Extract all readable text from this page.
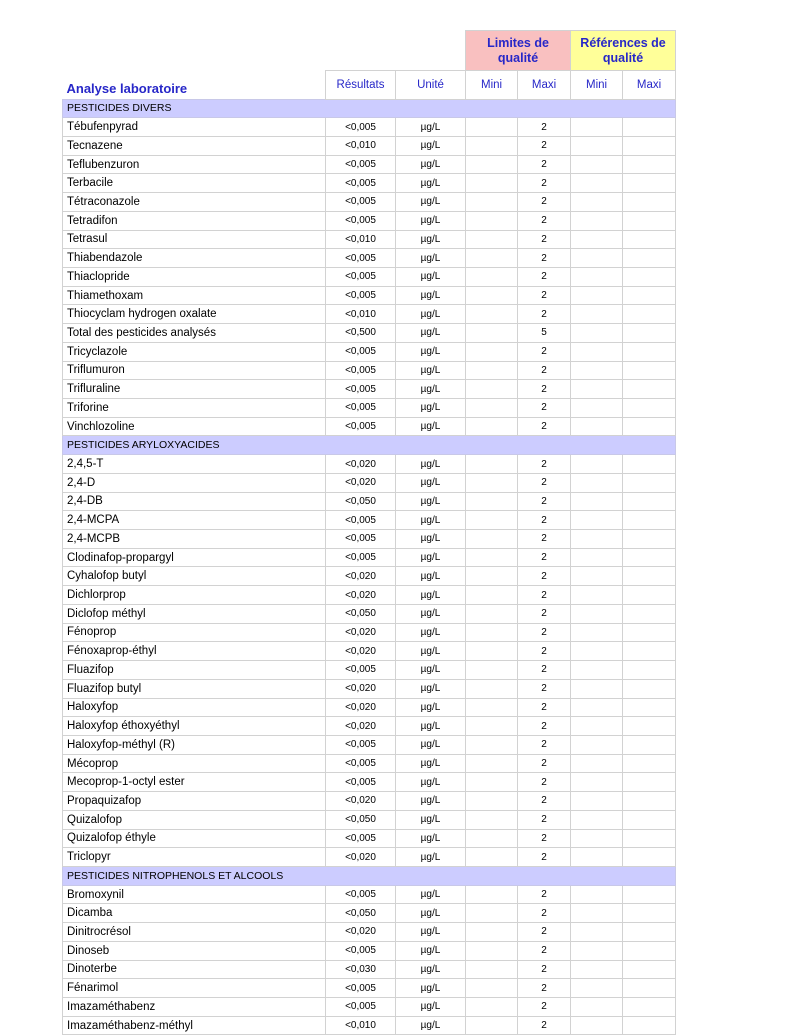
			Limites de qualité		Références de qualité	
Analyse laboratoire	Résultats	Unité	Mini	Maxi	Mini	Maxi
PESTICIDES DIVERS						
Tébufenpyrad	<0,005	µg/L		2		
Tecnazene	<0,010	µg/L		2		
Teflubenzuron	<0,005	µg/L		2		
Terbacile	<0,005	µg/L		2		
Tétraconazole	<0,005	µg/L		2		
Tetradifon	<0,005	µg/L		2		
Tetrasul	<0,010	µg/L		2		
Thiabendazole	<0,005	µg/L		2		
Thiaclopride	<0,005	µg/L		2		
Thiamethoxam	<0,005	µg/L		2		
Thiocyclam hydrogen oxalate	<0,010	µg/L		2		
Total des pesticides analysés	<0,500	µg/L		5		
Tricyclazole	<0,005	µg/L		2		
Triflumuron	<0,005	µg/L		2		
Trifluraline	<0,005	µg/L		2		
Triforine	<0,005	µg/L		2		
Vinchlozoline	<0,005	µg/L		2		
PESTICIDES ARYLOXYACIDES						
2,4,5-T	<0,020	µg/L		2		
2,4-D	<0,020	µg/L		2		
2,4-DB	<0,050	µg/L		2		
2,4-MCPA	<0,005	µg/L		2		
2,4-MCPB	<0,005	µg/L		2		
Clodinafop-propargyl	<0,005	µg/L		2		
Cyhalofop butyl	<0,020	µg/L		2		
Dichlorprop	<0,020	µg/L		2		
Diclofop méthyl	<0,050	µg/L		2		
Fénoprop	<0,020	µg/L		2		
Fénoxaprop-éthyl	<0,020	µg/L		2		
Fluazifop	<0,005	µg/L		2		
Fluazifop butyl	<0,020	µg/L		2		
Haloxyfop	<0,020	µg/L		2		
Haloxyfop éthoxyéthyl	<0,020	µg/L		2		
Haloxyfop-méthyl (R)	<0,005	µg/L		2		
Mécoprop	<0,005	µg/L		2		
Mecoprop-1-octyl ester	<0,005	µg/L		2		
Propaquizafop	<0,020	µg/L		2		
Quizalofop	<0,050	µg/L		2		
Quizalofop éthyle	<0,005	µg/L		2		
Triclopyr	<0,020	µg/L		2		
PESTICIDES NITROPHENOLS ET ALCOOLS						
Bromoxynil	<0,005	µg/L		2		
Dicamba	<0,050	µg/L		2		
Dinitrocrésol	<0,020	µg/L		2		
Dinoseb	<0,005	µg/L		2		
Dinoterbe	<0,030	µg/L		2		
Fénarimol	<0,005	µg/L		2		
Imazaméthabenz	<0,005	µg/L		2		
Imazaméthabenz-méthyl	<0,010	µg/L		2		
